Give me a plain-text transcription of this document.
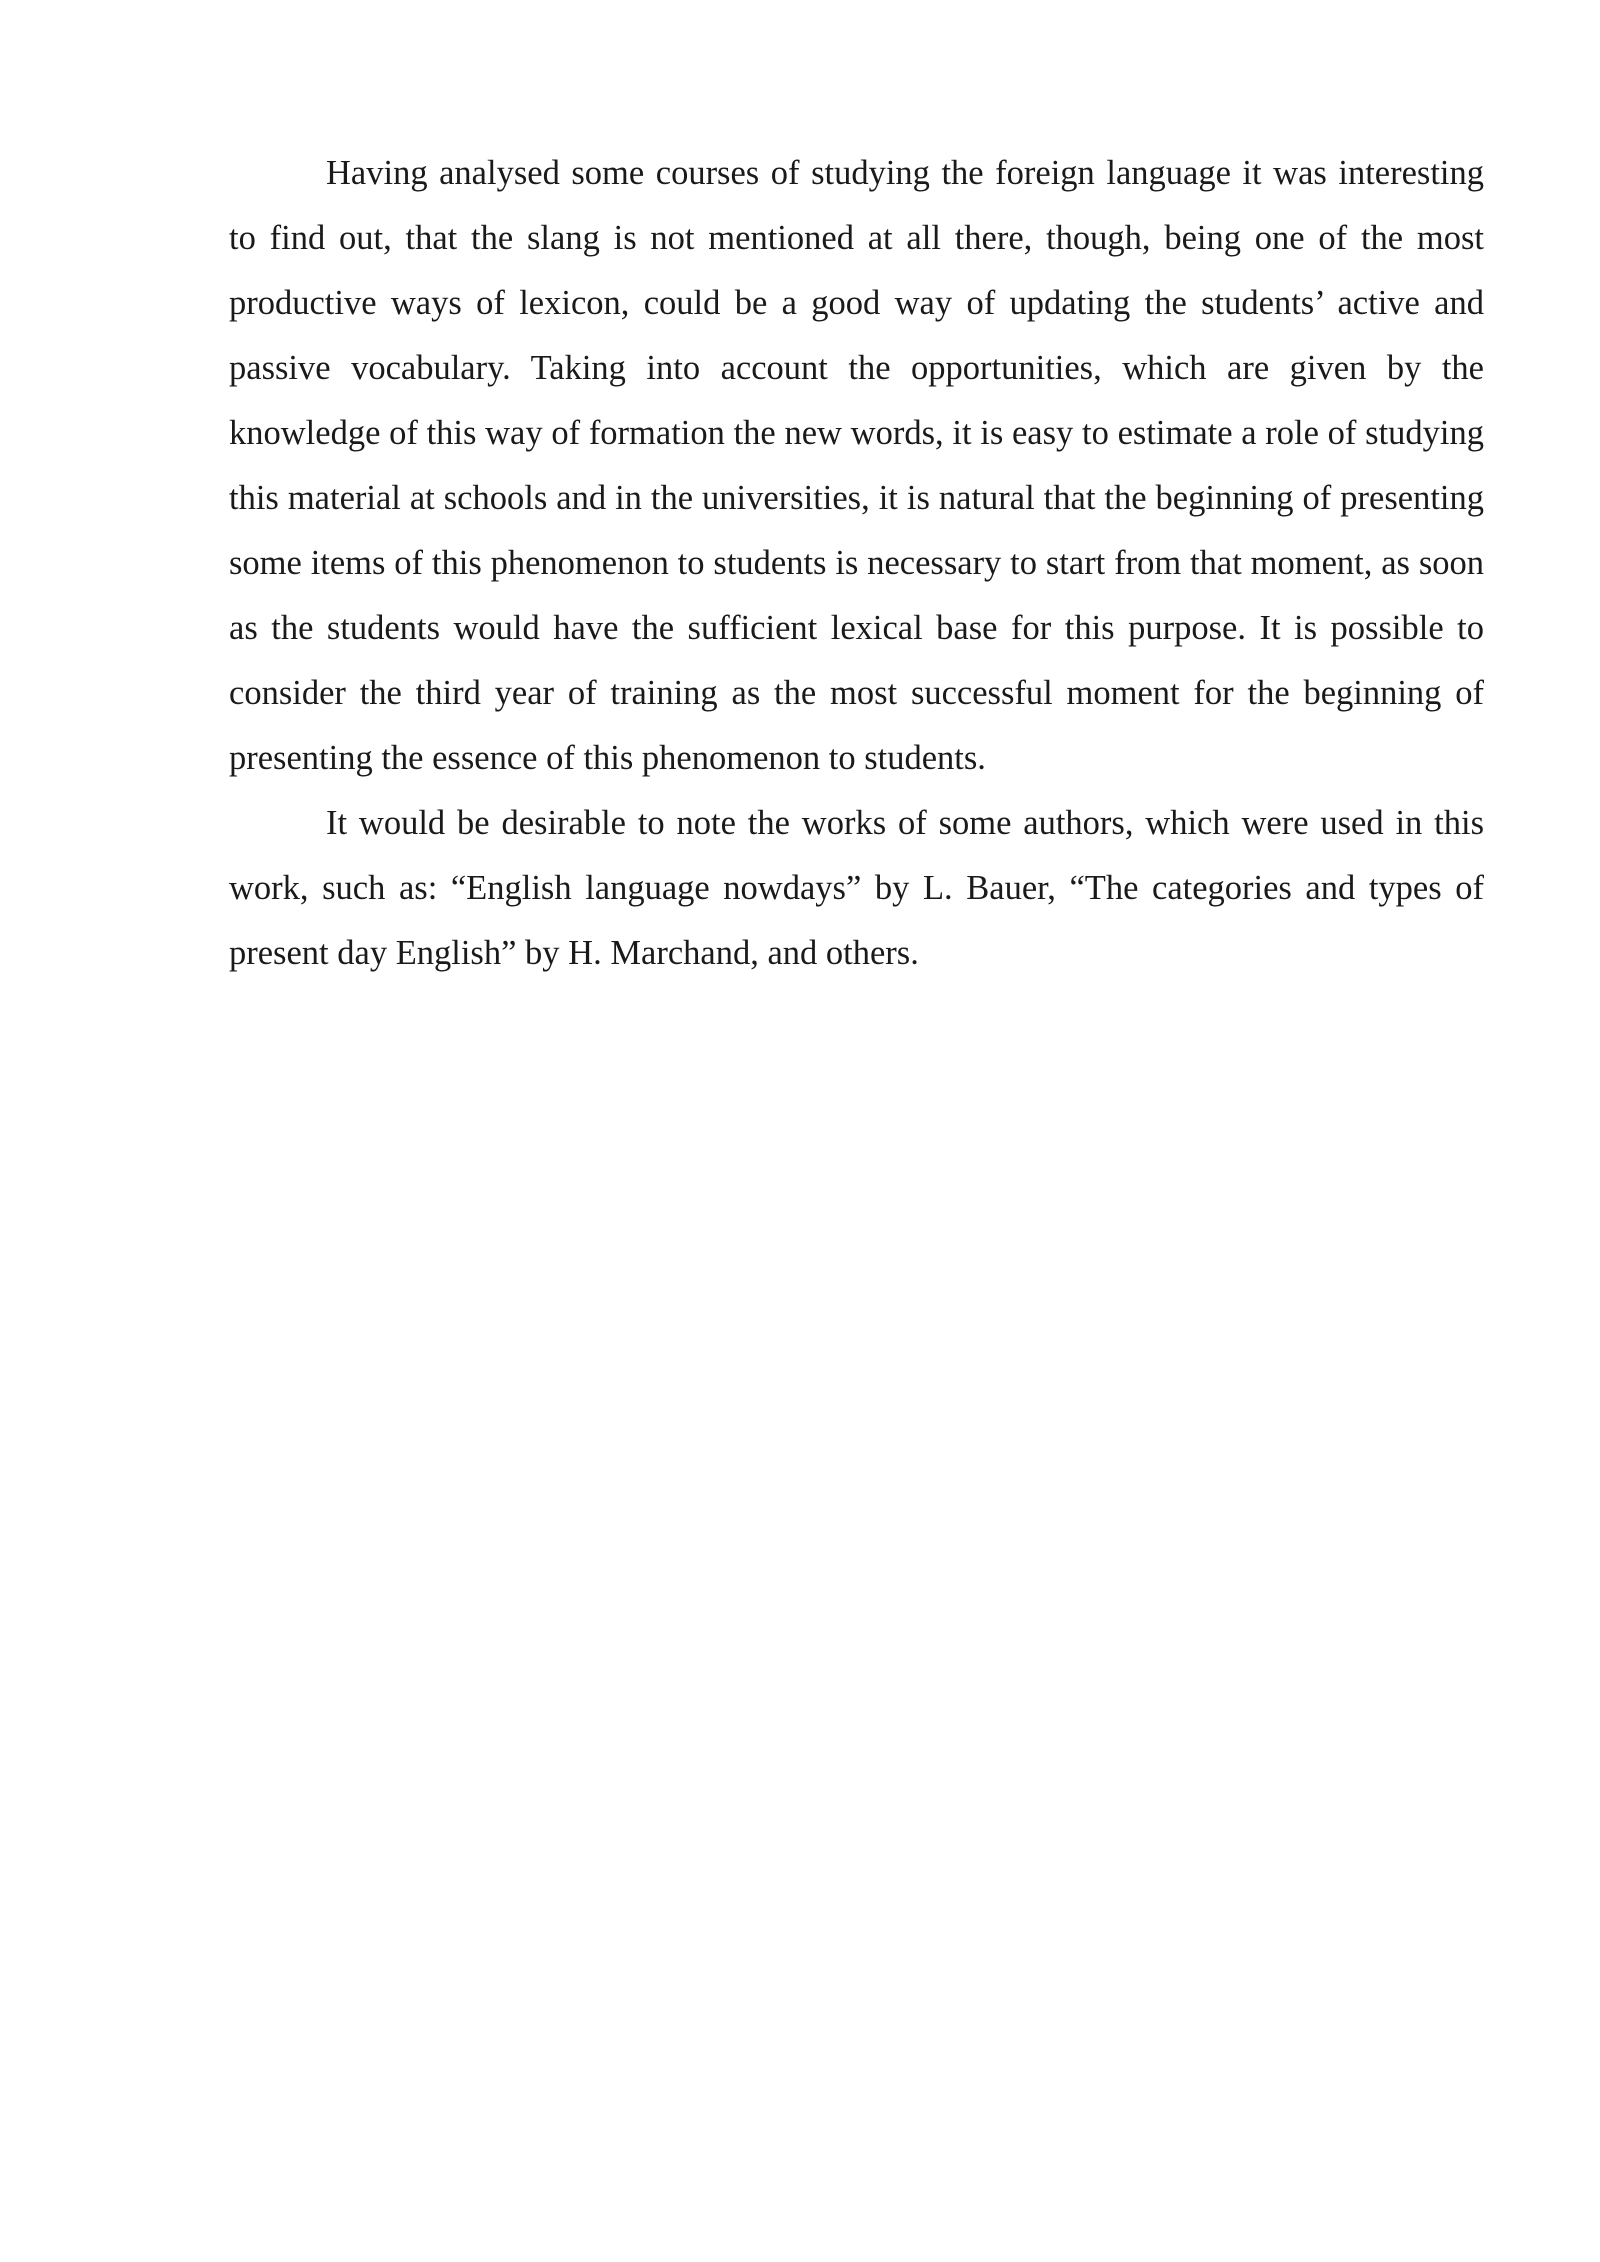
Having analysed some courses of studying the foreign language it was interesting to find out, that the slang is not mentioned at all there, though, being one of the most productive ways of lexicon, could be a good way of updating the students’ active and passive vocabulary. Taking into account the opportunities, which are given by the knowledge of this way of formation the new words, it is easy to estimate a role of studying this material at schools and in the universities, it is natural that the beginning of presenting some items of this phenomenon to students is necessary to start from that moment, as soon as the students would have the sufficient lexical base for this purpose. It is possible to consider the third year of training as the most successful moment for the beginning of presenting the essence of this phenomenon to students.

It would be desirable to note the works of some authors, which were used in this work, such as: “English language nowdays” by L. Bauer, “The categories and types of present day English” by H. Marchand, and others.
